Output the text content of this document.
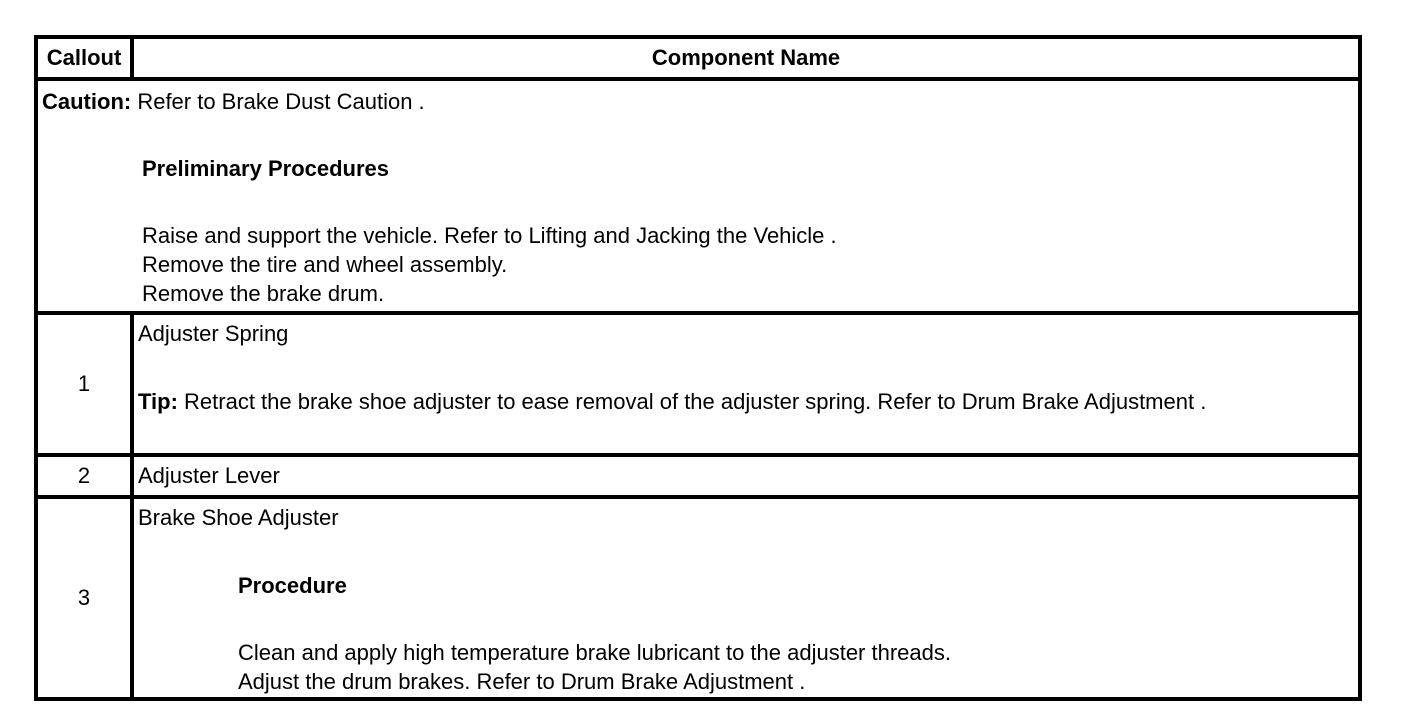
Callout	Component Name
Caution: Refer to Brake Dust Caution .
Preliminary Procedures
Raise and support the vehicle. Refer to Lifting and Jacking the Vehicle .
Remove the tire and wheel assembly.
Remove the brake drum.
1
Adjuster Spring
Tip: Retract the brake shoe adjuster to ease removal of the adjuster spring. Refer to Drum Brake Adjustment .
2 Adjuster Lever
3
Brake Shoe Adjuster
Procedure
Clean and apply high temperature brake lubricant to the adjuster threads.
Adjust the drum brakes. Refer to Drum Brake Adjustment .
